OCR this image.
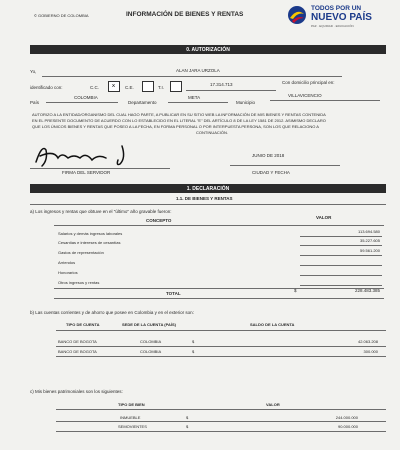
© GOBIERNO DE COLOMBIA	INFORMACIÓN DE BIENES Y RENTAS
TODOS POR UN
NUEVO PAÍS
PAZ · EQUIDAD · EDUCACIÓN
0. AUTORIZACIÓN
Yo,	ALAN JARA URZOLA
identificado con:	C.C.	X C.E.	T.I.
17.314.713	Con domicilio principal en:
País
COLOMBIA
Departamento
META
Municipio
VILLAVICENCIO
AUTORIZO A LA ENTIDAD/ORGANISMO DEL CUAL HAGO PARTE, A PUBLICAR EN SU SITIO WEB LA INFORMACIÓN DE MIS BIENES Y RENTAS CONTENIDA
EN EL PRESENTE DOCUMENTO DE ACUERDO CON LO ESTABLECIDO EN EL LITERAL "E" DEL ARTÍCULO 8 DE LA LEY 1581 DE 2012. ASIMISMO DECLARO
QUE LOS ÚNICOS BIENES Y RENTAS QUE POSEO A LA FECHA, EN FORMA PERSONAL O POR INTERPUESTA PERSONA, SON LOS QUE RELACIONO A
CONTINUACIÓN.
FIRMA DEL SERVIDOR
JUNIO DE 2018
CIUDAD Y FECHA
1. DECLARACIÓN
1.1. DE BIENES Y RENTAS
a) Los ingresos y rentas que obtuve en el "último" año gravable fueron:
CONCEPTO
VALOR
Salarios y demás ingresos laborales	113.694.580
Cesantías e intereses de cesantías	35.227.605
Gastos de representación	59.561.200
Arriendos
Honorarios
Otros ingresos y rentas
TOTAL
$	228.483.385
b) Las cuentas corrientes y de ahorro que posee en Colombia y en el exterior son:
TIPO DE CUENTA	SEDE DE LA CUENTA (PAÍS)	SALDO DE LA CUENTA
BANCO DE BOGOTA	COLOMBIA	$	42.063.208
BANCO DE BOGOTA	COLOMBIA	$	300.000
c) Mis bienes patrimoniales son los siguientes:
TIPO DE BIEN	VALOR
INMUEBLE	$	244.000.000
SEMOVIENTES	$	90.000.000
